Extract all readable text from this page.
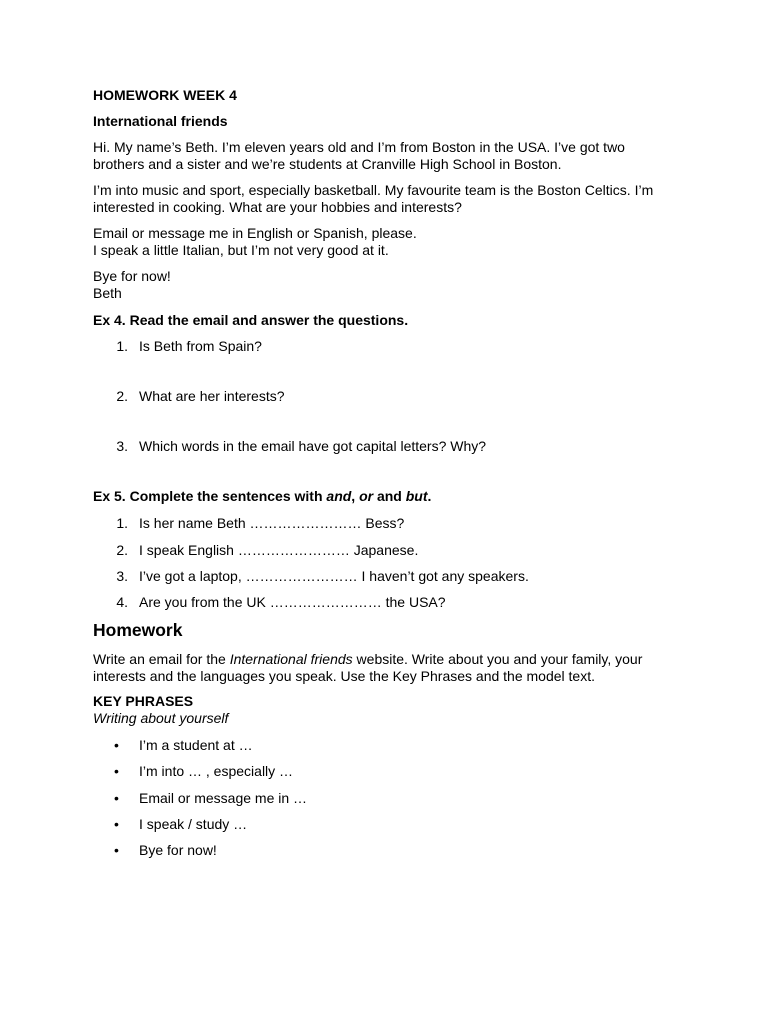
HOMEWORK WEEK 4
International friends
Hi. My name’s Beth. I’m eleven years old and I’m from Boston in the USA. I’ve got two
brothers and a sister and we’re students at Cranville High School in Boston.
I’m into music and sport, especially basketball. My favourite team is the Boston Celtics. I’m
interested in cooking. What are your hobbies and interests?
Email or message me in English or Spanish, please.
I speak a little Italian, but I’m not very good at it.
Bye for now!
Beth
Ex 4. Read the email and answer the questions.
1. Is Beth from Spain?
2. What are her interests?
3. Which words in the email have got capital letters? Why?
Ex 5. Complete the sentences with and, or and but.
1. Is her name Beth …………………… Bess?
2. I speak English …………………… Japanese.
3. I’ve got a laptop, …………………… I haven’t got any speakers.
4. Are you from the UK …………………… the USA?
Homework
Write an email for the International friends website. Write about you and your family, your
interests and the languages you speak. Use the Key Phrases and the model text.
KEY PHRASES
Writing about yourself
• I’m a student at …
• I’m into … , especially …
• Email or message me in …
• I speak / study …
• Bye for now!
